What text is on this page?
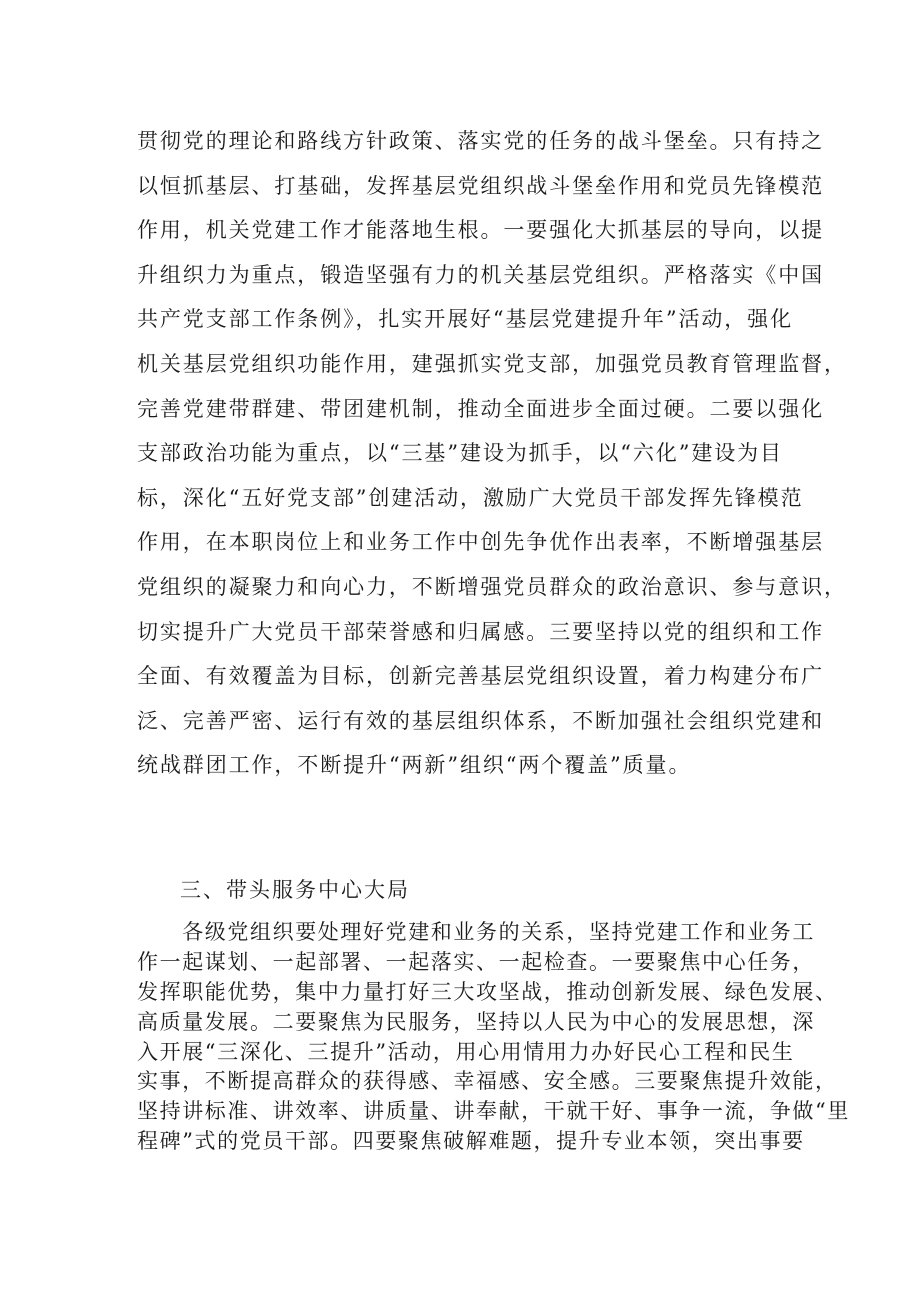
贯彻党的理论和路线方针政策、落实党的任务的战斗堡垒。只有持之
以恒抓基层、打基础，发挥基层党组织战斗堡垒作用和党员先锋模范
作用，机关党建工作才能落地生根。一要强化大抓基层的导向，以提
升组织力为重点，锻造坚强有力的机关基层党组织。严格落实《中国
共产党支部工作条例》，扎实开展好“基层党建提升年”活动，强化
机关基层党组织功能作用，建强抓实党支部，加强党员教育管理监督，
完善党建带群建、带团建机制，推动全面进步全面过硬。二要以强化
支部政治功能为重点，以“三基”建设为抓手，以“六化”建设为目
标，深化“五好党支部”创建活动，激励广大党员干部发挥先锋模范
作用，在本职岗位上和业务工作中创先争优作出表率，不断增强基层
党组织的凝聚力和向心力，不断增强党员群众的政治意识、参与意识，
切实提升广大党员干部荣誉感和归属感。三要坚持以党的组织和工作
全面、有效覆盖为目标，创新完善基层党组织设置，着力构建分布广
泛、完善严密、运行有效的基层组织体系，不断加强社会组织党建和
统战群团工作，不断提升“两新”组织“两个覆盖”质量。
三、带头服务中心大局
　　各级党组织要处理好党建和业务的关系，坚持党建工作和业务工
作一起谋划、一起部署、一起落实、一起检查。一要聚焦中心任务，
发挥职能优势，集中力量打好三大攻坚战，推动创新发展、绿色发展、
高质量发展。二要聚焦为民服务，坚持以人民为中心的发展思想，深
入开展“三深化、三提升”活动，用心用情用力办好民心工程和民生
实事，不断提高群众的获得感、幸福感、安全感。三要聚焦提升效能，
坚持讲标准、讲效率、讲质量、讲奉献，干就干好、事争一流，争做“里
程碑”式的党员干部。四要聚焦破解难题，提升专业本领，突出事要
